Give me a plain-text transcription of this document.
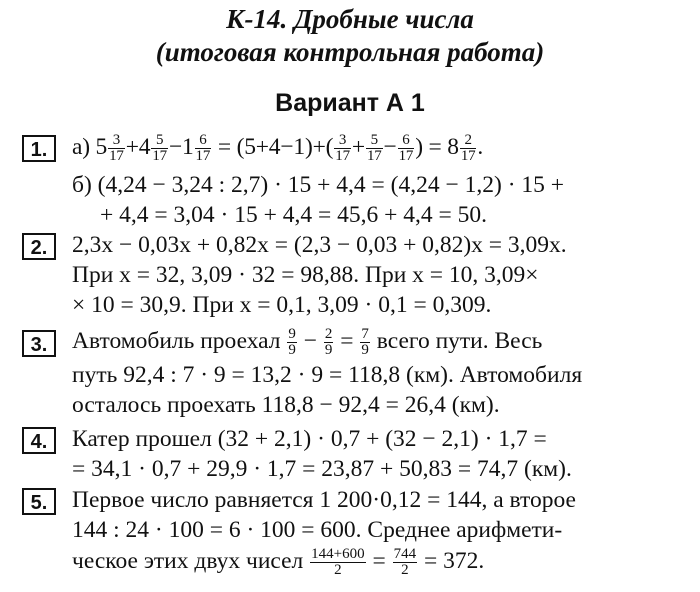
К-14. Дробные числа
(итоговая контрольная работа)
Вариант А 1
1.	а) $5 \frac{3}{17} +4 \frac{5}{17} -1 \frac{6}{17} = (5+4-1)+( \frac{3}{17} + \frac{5}{17} - \frac{6}{17}$ ) = $8 \frac{2}{17}$ .
б) (4,24 − 3,24 : 2,7) · 15 + 4,4 = (4,24 − 1,2) · 15 +
+ 4,4 = 3,04 · 15 + 4,4 = 45,6 + 4,4 = 50.
2.	2,3x − 0,03x + 0,82x = (2,3 − 0,03 + 0,82)x = 3,09x.
При x = 32, 3,09 · 32 = 98,88. При x = 10, 3,09×
× 10 = 30,9. При x = 0,1, 3,09 · 0,1 = 0,309.
3.	Автомобиль проехал $\frac{9}{9} - \frac{2}{9} = \frac{7}{9}$ всего пути. Весь
путь 92,4 : 7 · 9 = 13,2 · 9 = 118,8 (км). Автомобиля
осталось проехать 118,8 − 92,4 = 26,4 (км).
4.	Катер прошел (32 + 2,1) · 0,7 + (32 − 2,1) · 1,7 =
= 34,1 · 0,7 + 29,9 · 1,7 = 23,87 + 50,83 = 74,7 (км).
5.	Первое число равняется 1 200·0,12 = 144, а второе
144 : 24 · 100 = 6 · 100 = 600. Среднее арифмети-
ческое этих двух чисел $\frac{144+600}{2} = \frac{744}{2} = 372$.
